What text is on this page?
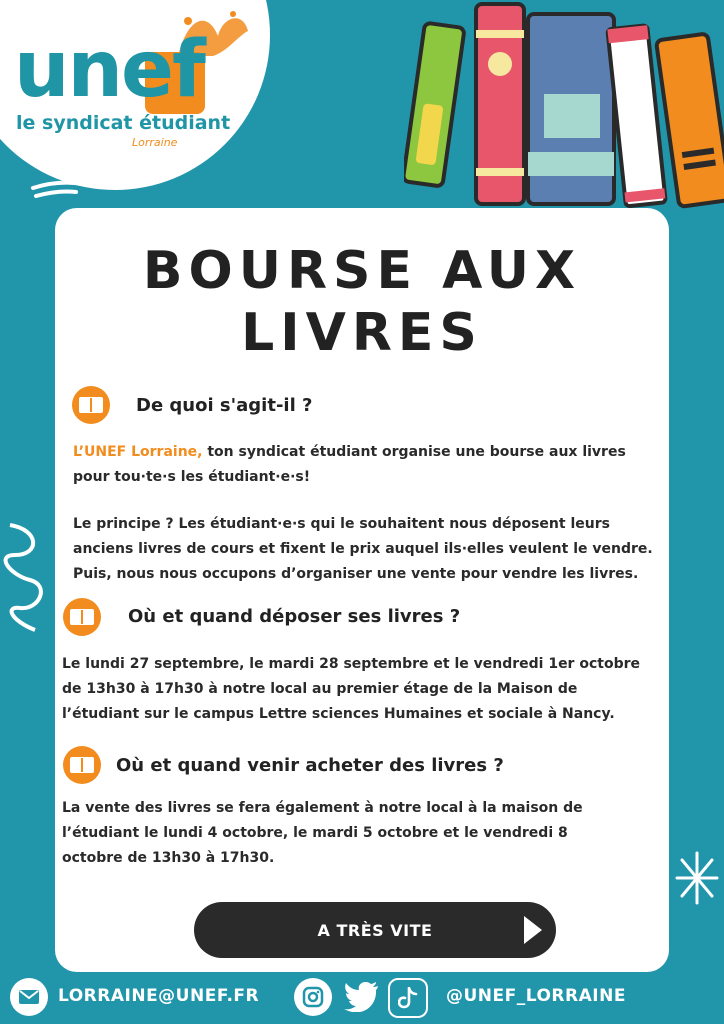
unef
le syndicat étudiant
Lorraine
BOURSE AUX
LIVRES
De quoi s'agit-il ?
L’UNEF Lorraine, ton syndicat étudiant organise une bourse aux livres
pour tou·te·s les étudiant·e·s!
Le principe ? Les étudiant·e·s qui le souhaitent nous déposent leurs
anciens livres de cours et fixent le prix auquel ils·elles veulent le vendre.
Puis, nous nous occupons d’organiser une vente pour vendre les livres.
Où et quand déposer ses livres ?
Le lundi 27 septembre, le mardi 28 septembre et le vendredi 1er octobre
de 13h30 à 17h30 à notre local au premier étage de la Maison de
l’étudiant sur le campus Lettre sciences Humaines et sociale à Nancy.
Où et quand venir acheter des livres ?
La vente des livres se fera également à notre local à la maison de
l’étudiant le lundi 4 octobre, le mardi 5 octobre et le vendredi 8
octobre de 13h30 à 17h30.
A TRÈS VITE
LORRAINE@UNEF.FR	@UNEF_LORRAINE
